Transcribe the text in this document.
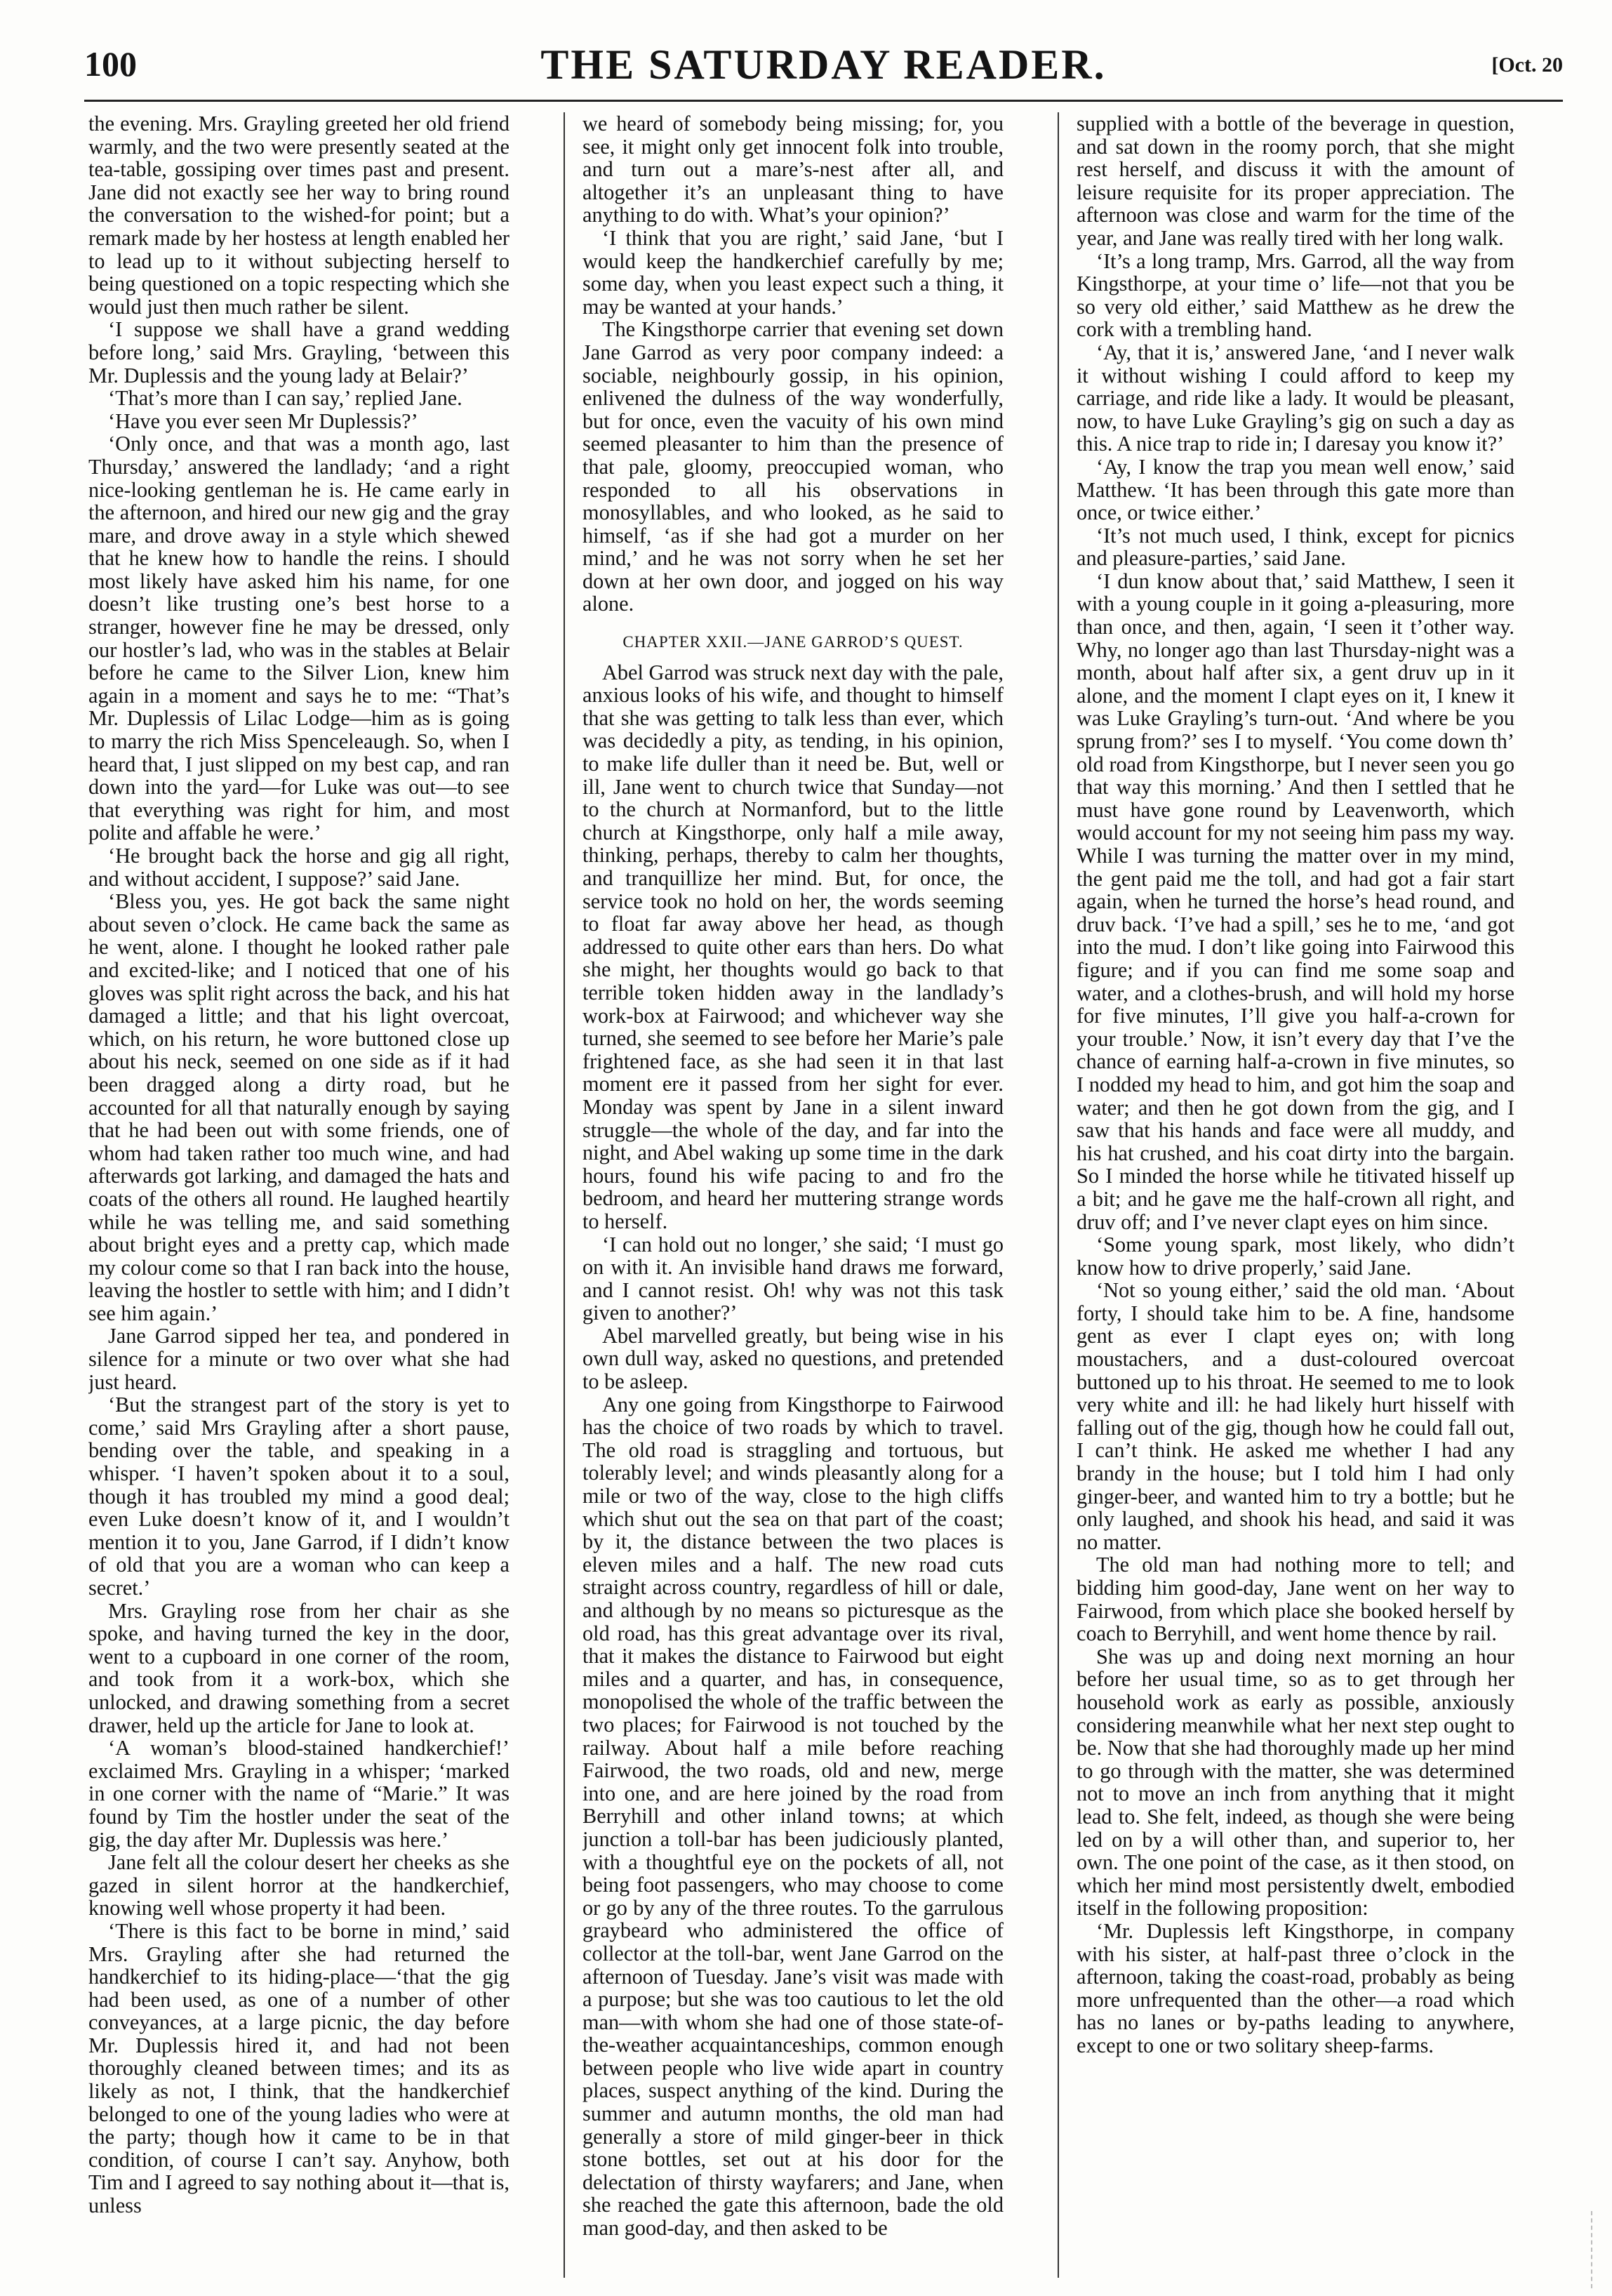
100	THE SATURDAY READER.	[Oct. 20

the evening. Mrs. Grayling greeted her old friend warmly, and the two were presently seated at the tea-table, gossiping over times past and present. Jane did not exactly see her way to bring round the conversation to the wished-for point; but a remark made by her hostess at length enabled her to lead up to it without subjecting herself to being questioned on a topic respecting which she would just then much rather be silent.

‘I suppose we shall have a grand wedding before long,’ said Mrs. Grayling, ‘between this Mr. Duplessis and the young lady at Belair?’

‘That’s more than I can say,’ replied Jane.

‘Have you ever seen Mr Duplessis?’

‘Only once, and that was a month ago, last Thursday,’ answered the landlady; ‘and a right nice-looking gentleman he is. He came early in the afternoon, and hired our new gig and the gray mare, and drove away in a style which shewed that he knew how to handle the reins. I should most likely have asked him his name, for one doesn’t like trusting one’s best horse to a stranger, however fine he may be dressed, only our hostler’s lad, who was in the stables at Belair before he came to the Silver Lion, knew him again in a moment and says he to me: “That’s Mr. Duplessis of Lilac Lodge—him as is going to marry the rich Miss Spenceleaugh. So, when I heard that, I just slipped on my best cap, and ran down into the yard—for Luke was out—to see that everything was right for him, and most polite and affable he were.’

‘He brought back the horse and gig all right, and without accident, I suppose?’ said Jane.

‘Bless you, yes. He got back the same night about seven o’clock. He came back the same as he went, alone. I thought he looked rather pale and excited-like; and I noticed that one of his gloves was split right across the back, and his hat damaged a little; and that his light overcoat, which, on his return, he wore buttoned close up about his neck, seemed on one side as if it had been dragged along a dirty road, but he accounted for all that naturally enough by saying that he had been out with some friends, one of whom had taken rather too much wine, and had afterwards got larking, and damaged the hats and coats of the others all round. He laughed heartily while he was telling me, and said something about bright eyes and a pretty cap, which made my colour come so that I ran back into the house, leaving the hostler to settle with him; and I didn’t see him again.’

Jane Garrod sipped her tea, and pondered in silence for a minute or two over what she had just heard.

‘But the strangest part of the story is yet to come,’ said Mrs Grayling after a short pause, bending over the table, and speaking in a whisper. ‘I haven’t spoken about it to a soul, though it has troubled my mind a good deal; even Luke doesn’t know of it, and I wouldn’t mention it to you, Jane Garrod, if I didn’t know of old that you are a woman who can keep a secret.’

Mrs. Grayling rose from her chair as she spoke, and having turned the key in the door, went to a cupboard in one corner of the room, and took from it a work-box, which she unlocked, and drawing something from a secret drawer, held up the article for Jane to look at.

‘A woman’s blood-stained handkerchief!’ exclaimed Mrs. Grayling in a whisper; ‘marked in one corner with the name of “Marie.” It was found by Tim the hostler under the seat of the gig, the day after Mr. Duplessis was here.’

Jane felt all the colour desert her cheeks as she gazed in silent horror at the handkerchief, knowing well whose property it had been.

‘There is this fact to be borne in mind,’ said Mrs. Grayling after she had returned the handkerchief to its hiding-place—‘that the gig had been used, as one of a number of other conveyances, at a large picnic, the day before Mr. Duplessis hired it, and had not been thoroughly cleaned between times; and its as likely as not, I think, that the handkerchief belonged to one of the young ladies who were at the party; though how it came to be in that condition, of course I can’t say. Anyhow, both Tim and I agreed to say nothing about it—that is, unless

we heard of somebody being missing; for, you see, it might only get innocent folk into trouble, and turn out a mare’s-nest after all, and altogether it’s an unpleasant thing to have anything to do with. What’s your opinion?’

‘I think that you are right,’ said Jane, ‘but I would keep the handkerchief carefully by me; some day, when you least expect such a thing, it may be wanted at your hands.’

The Kingsthorpe carrier that evening set down Jane Garrod as very poor company indeed: a sociable, neighbourly gossip, in his opinion, enlivened the dulness of the way wonderfully, but for once, even the vacuity of his own mind seemed pleasanter to him than the presence of that pale, gloomy, preoccupied woman, who responded to all his observations in monosyllables, and who looked, as he said to himself, ‘as if she had got a murder on her mind,’ and he was not sorry when he set her down at her own door, and jogged on his way alone.

CHAPTER XXII.—JANE GARROD’S QUEST.

Abel Garrod was struck next day with the pale, anxious looks of his wife, and thought to himself that she was getting to talk less than ever, which was decidedly a pity, as tending, in his opinion, to make life duller than it need be. But, well or ill, Jane went to church twice that Sunday—not to the church at Normanford, but to the little church at Kingsthorpe, only half a mile away, thinking, perhaps, thereby to calm her thoughts, and tranquillize her mind. But, for once, the service took no hold on her, the words seeming to float far away above her head, as though addressed to quite other ears than hers. Do what she might, her thoughts would go back to that terrible token hidden away in the landlady’s work-box at Fairwood; and whichever way she turned, she seemed to see before her Marie’s pale frightened face, as she had seen it in that last moment ere it passed from her sight for ever. Monday was spent by Jane in a silent inward struggle—the whole of the day, and far into the night, and Abel waking up some time in the dark hours, found his wife pacing to and fro the bedroom, and heard her muttering strange words to herself.

‘I can hold out no longer,’ she said; ‘I must go on with it. An invisible hand draws me forward, and I cannot resist. Oh! why was not this task given to another?’

Abel marvelled greatly, but being wise in his own dull way, asked no questions, and pretended to be asleep.

Any one going from Kingsthorpe to Fairwood has the choice of two roads by which to travel. The old road is straggling and tortuous, but tolerably level; and winds pleasantly along for a mile or two of the way, close to the high cliffs which shut out the sea on that part of the coast; by it, the distance between the two places is eleven miles and a half. The new road cuts straight across country, regardless of hill or dale, and although by no means so picturesque as the old road, has this great advantage over its rival, that it makes the distance to Fairwood but eight miles and a quarter, and has, in consequence, monopolised the whole of the traffic between the two places; for Fairwood is not touched by the railway. About half a mile before reaching Fairwood, the two roads, old and new, merge into one, and are here joined by the road from Berryhill and other inland towns; at which junction a toll-bar has been judiciously planted, with a thoughtful eye on the pockets of all, not being foot passengers, who may choose to come or go by any of the three routes. To the garrulous graybeard who administered the office of collector at the toll-bar, went Jane Garrod on the afternoon of Tuesday. Jane’s visit was made with a purpose; but she was too cautious to let the old man—with whom she had one of those state-of-the-weather acquaintanceships, common enough between people who live wide apart in country places, suspect anything of the kind. During the summer and autumn months, the old man had generally a store of mild ginger-beer in thick stone bottles, set out at his door for the delectation of thirsty wayfarers; and Jane, when she reached the gate this afternoon, bade the old man good-day, and then asked to be

supplied with a bottle of the beverage in question, and sat down in the roomy porch, that she might rest herself, and discuss it with the amount of leisure requisite for its proper appreciation. The afternoon was close and warm for the time of the year, and Jane was really tired with her long walk.

‘It’s a long tramp, Mrs. Garrod, all the way from Kingsthorpe, at your time o’ life—not that you be so very old either,’ said Matthew as he drew the cork with a trembling hand.

‘Ay, that it is,’ answered Jane, ‘and I never walk it without wishing I could afford to keep my carriage, and ride like a lady. It would be pleasant, now, to have Luke Grayling’s gig on such a day as this. A nice trap to ride in; I daresay you know it?’

‘Ay, I know the trap you mean well enow,’ said Matthew. ‘It has been through this gate more than once, or twice either.’

‘It’s not much used, I think, except for picnics and pleasure-parties,’ said Jane.

‘I dun know about that,’ said Matthew, I seen it with a young couple in it going a-pleasuring, more than once, and then, again, ‘I seen it t’other way. Why, no longer ago than last Thursday-night was a month, about half after six, a gent druv up in it alone, and the moment I clapt eyes on it, I knew it was Luke Grayling’s turn-out. ‘And where be you sprung from?’ ses I to myself. ‘You come down th’ old road from Kingsthorpe, but I never seen you go that way this morning.’ And then I settled that he must have gone round by Leavenworth, which would account for my not seeing him pass my way. While I was turning the matter over in my mind, the gent paid me the toll, and had got a fair start again, when he turned the horse’s head round, and druv back. ‘I’ve had a spill,’ ses he to me, ‘and got into the mud. I don’t like going into Fairwood this figure; and if you can find me some soap and water, and a clothes-brush, and will hold my horse for five minutes, I’ll give you half-a-crown for your trouble.’ Now, it isn’t every day that I’ve the chance of earning half-a-crown in five minutes, so I nodded my head to him, and got him the soap and water; and then he got down from the gig, and I saw that his hands and face were all muddy, and his hat crushed, and his coat dirty into the bargain. So I minded the horse while he titivated hisself up a bit; and he gave me the half-crown all right, and druv off; and I’ve never clapt eyes on him since.

‘Some young spark, most likely, who didn’t know how to drive properly,’ said Jane.

‘Not so young either,’ said the old man. ‘About forty, I should take him to be. A fine, handsome gent as ever I clapt eyes on; with long moustachers, and a dust-coloured overcoat buttoned up to his throat. He seemed to me to look very white and ill: he had likely hurt hisself with falling out of the gig, though how he could fall out, I can’t think. He asked me whether I had any brandy in the house; but I told him I had only ginger-beer, and wanted him to try a bottle; but he only laughed, and shook his head, and said it was no matter.

The old man had nothing more to tell; and bidding him good-day, Jane went on her way to Fairwood, from which place she booked herself by coach to Berryhill, and went home thence by rail.

She was up and doing next morning an hour before her usual time, so as to get through her household work as early as possible, anxiously considering meanwhile what her next step ought to be. Now that she had thoroughly made up her mind to go through with the matter, she was determined not to move an inch from anything that it might lead to. She felt, indeed, as though she were being led on by a will other than, and superior to, her own. The one point of the case, as it then stood, on which her mind most persistently dwelt, embodied itself in the following proposition:

‘Mr. Duplessis left Kingsthorpe, in company with his sister, at half-past three o’clock in the afternoon, taking the coast-road, probably as being more unfrequented than the other—a road which has no lanes or by-paths leading to anywhere, except to one or two solitary sheep-farms.
